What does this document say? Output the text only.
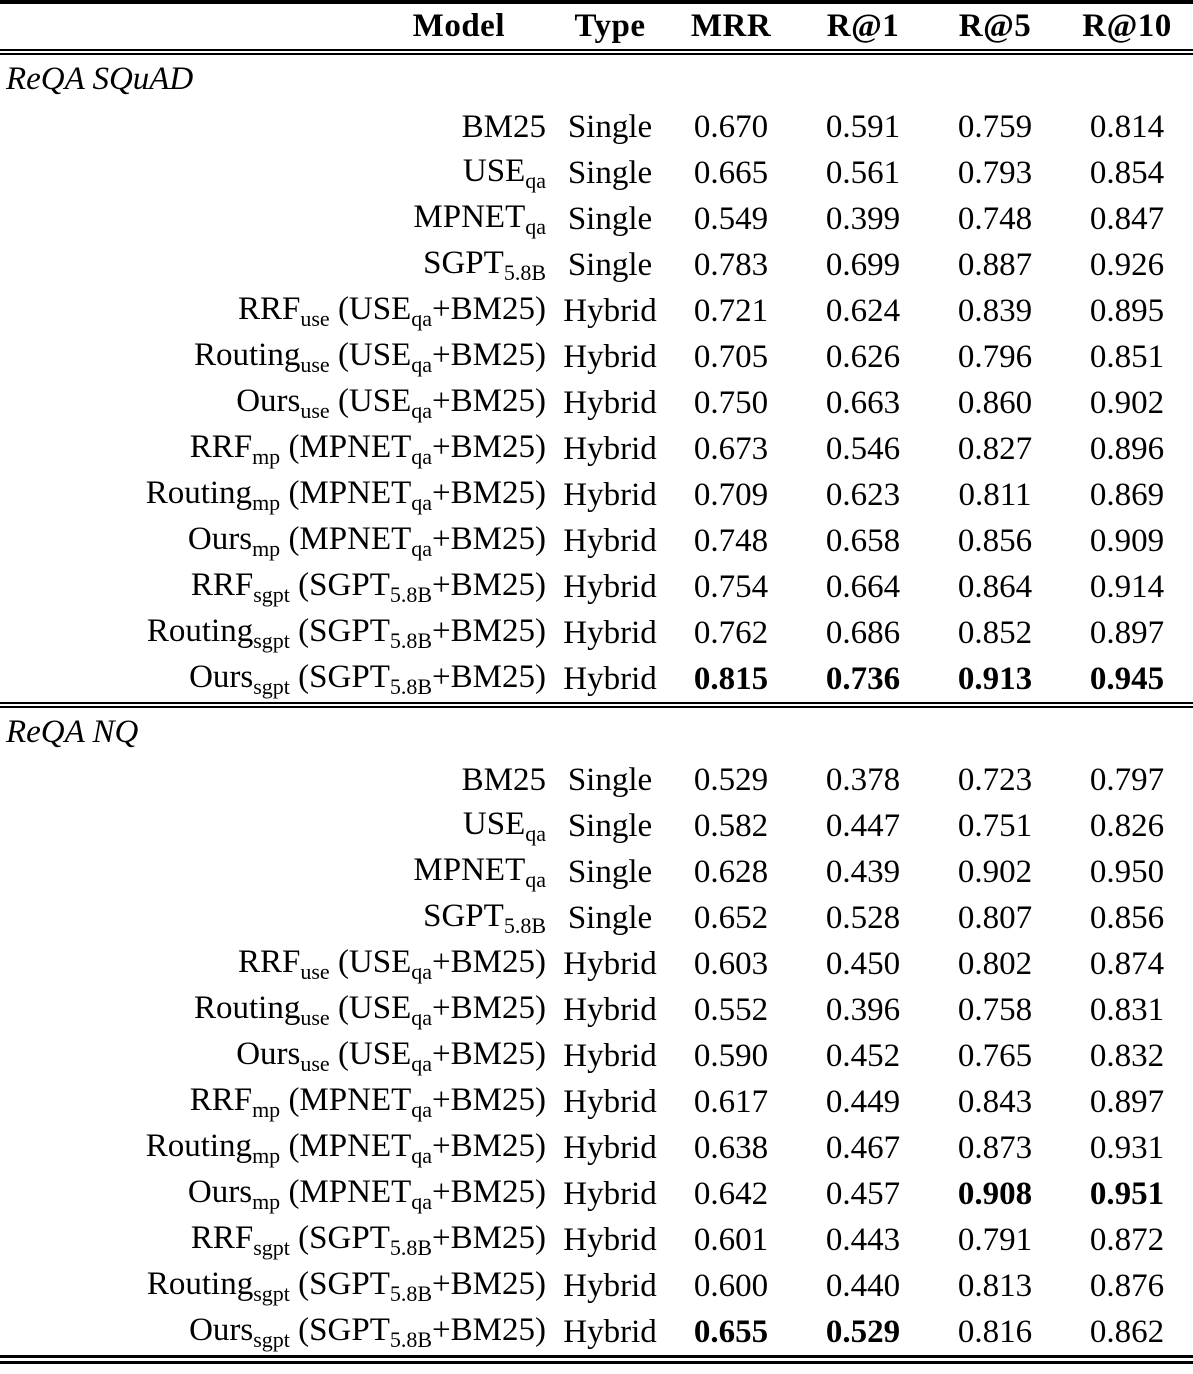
Model	Type	MRR	R@1	R@5	R@10
ReQA SQuAD					
BM25	Single	0.670	0.591	0.759	0.814
$USE_{qa}$	Single	0.665	0.561	0.793	0.854
$MPNET_{qa}$	Single	0.549	0.399	0.748	0.847
$SGPT_{5.8B}$	Single	0.783	0.699	0.887	0.926
$RRF_{use}$ $(USE_{qa}+BM25)$	Hybrid	0.721	0.624	0.839	0.895
Routing$_{use}$ $(USE_{qa}+BM25)$	Hybrid	0.705	0.626	0.796	0.851
Ours$_{use}$ $(USE_{qa}+BM25)$	Hybrid	0.750	0.663	0.860	0.902
$RRF_{mp}$ $(MPNET_{qa}+BM25)$	Hybrid	0.673	0.546	0.827	0.896
Routing$_{mp}$ $(MPNET_{qa}+BM25)$	Hybrid	0.709	0.623	0.811	0.869
Ours$_{mp}$ $(MPNET_{qa}+BM25)$	Hybrid	0.748	0.658	0.856	0.909
$RRF_{sgpt}$ $(SGPT_{5.8B}+BM25)$	Hybrid	0.754	0.664	0.864	0.914
Routing$_{sgpt}$ $(SGPT_{5.8B}+BM25)$	Hybrid	0.762	0.686	0.852	0.897
Ours$_{sgpt}$ $(SGPT_{5.8B}+BM25)$	Hybrid	0.815	0.736	0.913	0.945
ReQA NQ					
BM25	Single	0.529	0.378	0.723	0.797
$USE_{qa}$	Single	0.582	0.447	0.751	0.826
$MPNET_{qa}$	Single	0.628	0.439	0.902	0.950
$SGPT_{5.8B}$	Single	0.652	0.528	0.807	0.856
$RRF_{use}$ $(USE_{qa}+BM25)$	Hybrid	0.603	0.450	0.802	0.874
Routing$_{use}$ $(USE_{qa}+BM25)$	Hybrid	0.552	0.396	0.758	0.831
Ours$_{use}$ $(USE_{qa}+BM25)$	Hybrid	0.590	0.452	0.765	0.832
$RRF_{mp}$ $(MPNET_{qa}+BM25)$	Hybrid	0.617	0.449	0.843	0.897
Routing$_{mp}$ $(MPNET_{qa}+BM25)$	Hybrid	0.638	0.467	0.873	0.931
Ours$_{mp}$ $(MPNET_{qa}+BM25)$	Hybrid	0.642	0.457	0.908	0.951
$RRF_{sgpt}$ $(SGPT_{5.8B}+BM25)$	Hybrid	0.601	0.443	0.791	0.872
Routing$_{sgpt}$ $(SGPT_{5.8B}+BM25)$	Hybrid	0.600	0.440	0.813	0.876
Ours$_{sgpt}$ $(SGPT_{5.8B}+BM25)$	Hybrid	0.655	0.529	0.816	0.862
